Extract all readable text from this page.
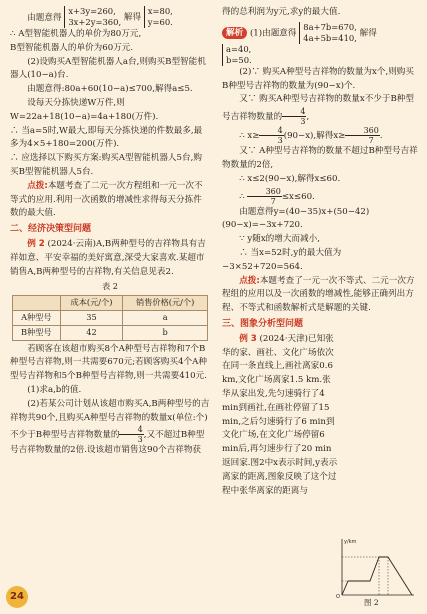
由题意得
x+3y=260,
3x+2y=360, 解得
x=80,
y=60.

∴ A型智能机器人的单价为80万元,

B型智能机器人的单价为60万元.

(2)设购买A型智能机器人a台,则购买B型智能机器人(10−a)台.

由题意得:80a+60(10−a)≤700,解得a≤5.

设每天分拣快递W万件,则W=22a+18(10−a)=4a+180(万件).

∴ 当a=5时,W最大,即每天分拣快递的件数最多,最多为4×5+180=200(万件).

∴ 应选择以下购买方案:购买A型智能机器人5台,购买B型智能机器人5台.

点拨:本题考查了二元一次方程组和一元一次不等式的应用.利用一次函数的增减性求得每天分拣件数的最大值.

二、经济决策型问题

例 2 (2024·云南)A,B两种型号的吉祥物具有吉祥如意、平安幸福的美好寓意,深受大家喜欢.某超市销售A,B两种型号的吉祥物,有关信息见表2.

表 2

	成本(元/个)	销售价格(元/个)
A种型号	35	a
B种型号	42	b

若顾客在该超市购买8个A种型号吉祥物和7个B种型号吉祥物,则一共需要670元;若顾客购买4个A种型号吉祥物和5个B种型号吉祥物,则一共需要410元.

(1)求a,b的值.

(2)若某公司计划从该超市购买A,B两种型号的吉祥物共90个,且购买A种型号吉祥物的数量x(单位:个)不少于B种型号吉祥物数量的 $\frac{4}{3}$ ,又不超过B种型号吉祥物数量的2倍.设该超市销售这90个吉祥物获

得的总利润为y元,求y的最大值.

解析 (1)由题意得
8a+7b=670,
4a+5b=410, 解得

a=40,
b=50.

(2)∵ 购买A种型号吉祥物的数量为x个,则购买B种型号吉祥物的数量为(90−x)个.

又∵ 购买A种型号吉祥物的数量x不少于B种型号吉祥物数量的 $\frac{4}{3}$ ,

∴ $x\ge \frac{4}{3} (90-x)$,解得$x\ge \frac{360}{7}$ .

又∵ A种型号吉祥物的数量不超过B种型号吉祥物数量的2倍,

∴ x≤2(90−x),解得x≤60.

∴ $\frac{360}{7} \le x\le 60$.

由题意得y=(40−35)x+(50−42)(90−x)=−3x+720.

∵ y随x的增大而减小,

∴ 当x=52时,y的最大值为−3×52+720=564.

点拨:本题考查了一元一次不等式、二元一次方程组的应用以及一次函数的增减性,能够正确列出方程、不等式和函数解析式是解题的关键.

三、图象分析型问题

例 3 (2024·天津)已知张华的家、画社、文化广场依次在同一条直线上,画社离家0.6 km,文化广场离家1.5 km.张华从家出发,先匀速骑行了4 min到画社,在画社停留了15 min,之后匀速骑行了6 min到文化广场,在文化广场停留6 min后,再匀速步行了20 min返回家.图2中x表示时间,y表示离家的距离,图象反映了这个过程中张华离家的距离与

y/km
O
图 2
24
